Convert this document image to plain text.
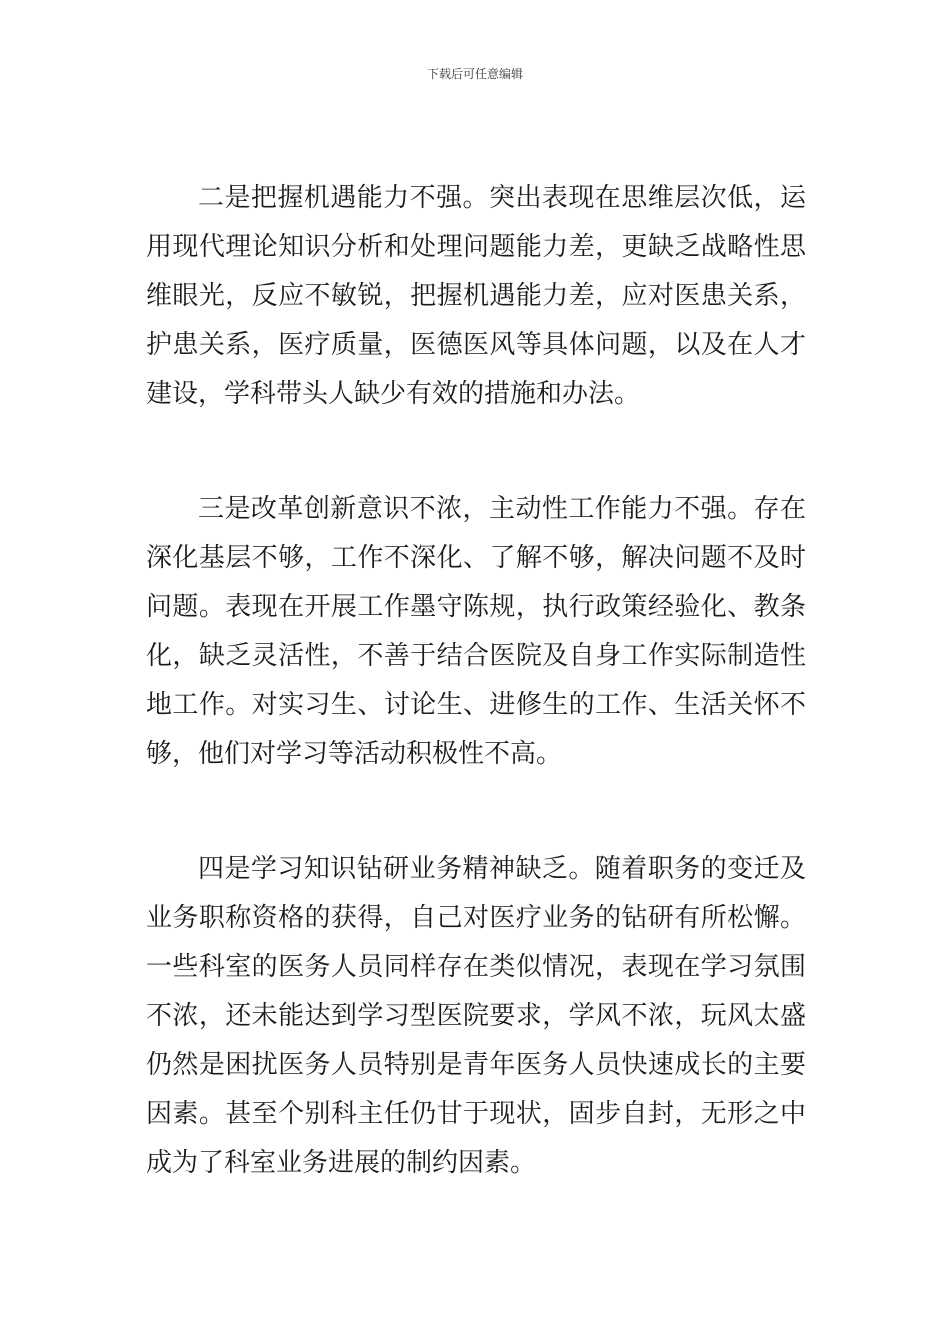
下载后可任意编辑

二是把握机遇能力不强。突出表现在思维层次低，运用现代理论知识分析和处理问题能力差，更缺乏战略性思维眼光，反应不敏锐，把握机遇能力差，应对医患关系，护患关系，医疗质量，医德医风等具体问题，以及在人才建设，学科带头人缺少有效的措施和办法。

三是改革创新意识不浓，主动性工作能力不强。存在深化基层不够，工作不深化、了解不够，解决问题不及时问题。表现在开展工作墨守陈规，执行政策经验化、教条化，缺乏灵活性，不善于结合医院及自身工作实际制造性地工作。对实习生、讨论生、进修生的工作、生活关怀不够，他们对学习等活动积极性不高。

四是学习知识钻研业务精神缺乏。随着职务的变迁及业务职称资格的获得，自己对医疗业务的钻研有所松懈。一些科室的医务人员同样存在类似情况，表现在学习氛围不浓，还未能达到学习型医院要求，学风不浓，玩风太盛仍然是困扰医务人员特别是青年医务人员快速成长的主要因素。甚至个别科主任仍甘于现状，固步自封，无形之中成为了科室业务进展的制约因素。
